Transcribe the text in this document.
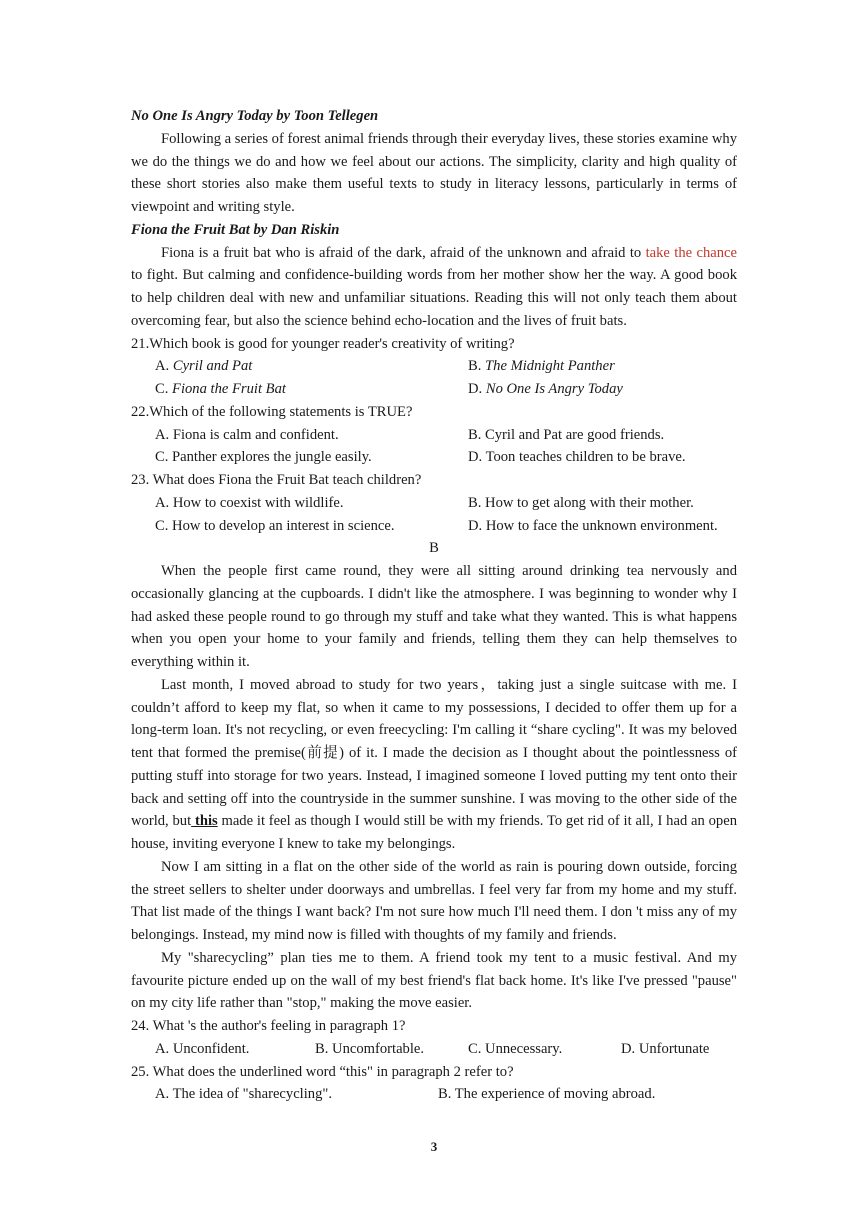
No One Is Angry Today by Toon Tellegen

Following a series of forest animal friends through their everyday lives, these stories examine why we do the things we do and how we feel about our actions. The simplicity, clarity and high quality of these short stories also make them useful texts to study in literacy lessons, particularly in terms of viewpoint and writing style.

Fiona the Fruit Bat by Dan Riskin

Fiona is a fruit bat who is afraid of the dark, afraid of the unknown and afraid to take the chance to fight. But calming and confidence-building words from her mother show her the way. A good book to help children deal with new and unfamiliar situations. Reading this will not only teach them about overcoming fear, but also the science behind echo-location and the lives of fruit bats.

21.Which book is good for younger reader's creativity of writing?

A. Cyril and Pat	B. The Midnight Panther
C. Fiona the Fruit Bat	D. No One Is Angry Today

22.Which of the following statements is TRUE?

A. Fiona is calm and confident.	B. Cyril and Pat are good friends.
C. Panther explores the jungle easily.	D. Toon teaches children to be brave.

23. What does Fiona the Fruit Bat teach children?

A. How to coexist with wildlife.	B. How to get along with their mother.
C. How to develop an interest in science.	D. How to face the unknown environment.

B

When the people first came round, they were all sitting around drinking tea nervously and occasionally glancing at the cupboards. I didn't like the atmosphere. I was beginning to wonder why I had asked these people round to go through my stuff and take what they wanted. This is what happens when you open your home to your family and friends, telling them they can help themselves to everything within it.

Last month, I moved abroad to study for two years，taking just a single suitcase with me. I couldn’t afford to keep my flat, so when it came to my possessions, I decided to offer them up for a long-term loan. It's not recycling, or even freecycling: I'm calling it “share cycling". It was my beloved tent that formed the premise(前提) of it. I made the decision as I thought about the pointlessness of putting stuff into storage for two years. Instead, I imagined someone I loved putting my tent onto their back and setting off into the countryside in the summer sunshine. I was moving to the other side of the world, but this made it feel as though I would still be with my friends. To get rid of it all, I had an open house, inviting everyone I knew to take my belongings.

Now I am sitting in a flat on the other side of the world as rain is pouring down outside, forcing the street sellers to shelter under doorways and umbrellas. I feel very far from my home and my stuff. That list made of the things I want back? I'm not sure how much I'll need them. I don 't miss any of my belongings. Instead, my mind now is filled with thoughts of my family and friends.

My "sharecycling” plan ties me to them. A friend took my tent to a music festival. And my favourite picture ended up on the wall of my best friend's flat back home. It's like I've pressed "pause" on my city life rather than "stop," making the move easier.

24. What 's the author's feeling in paragraph 1?

A. Unconfident.	B. Uncomfortable.	C. Unnecessary.	D. Unfortunate

25. What does the underlined word “this" in paragraph 2 refer to?

A. The idea of "sharecycling".	B. The experience of moving abroad.
3
